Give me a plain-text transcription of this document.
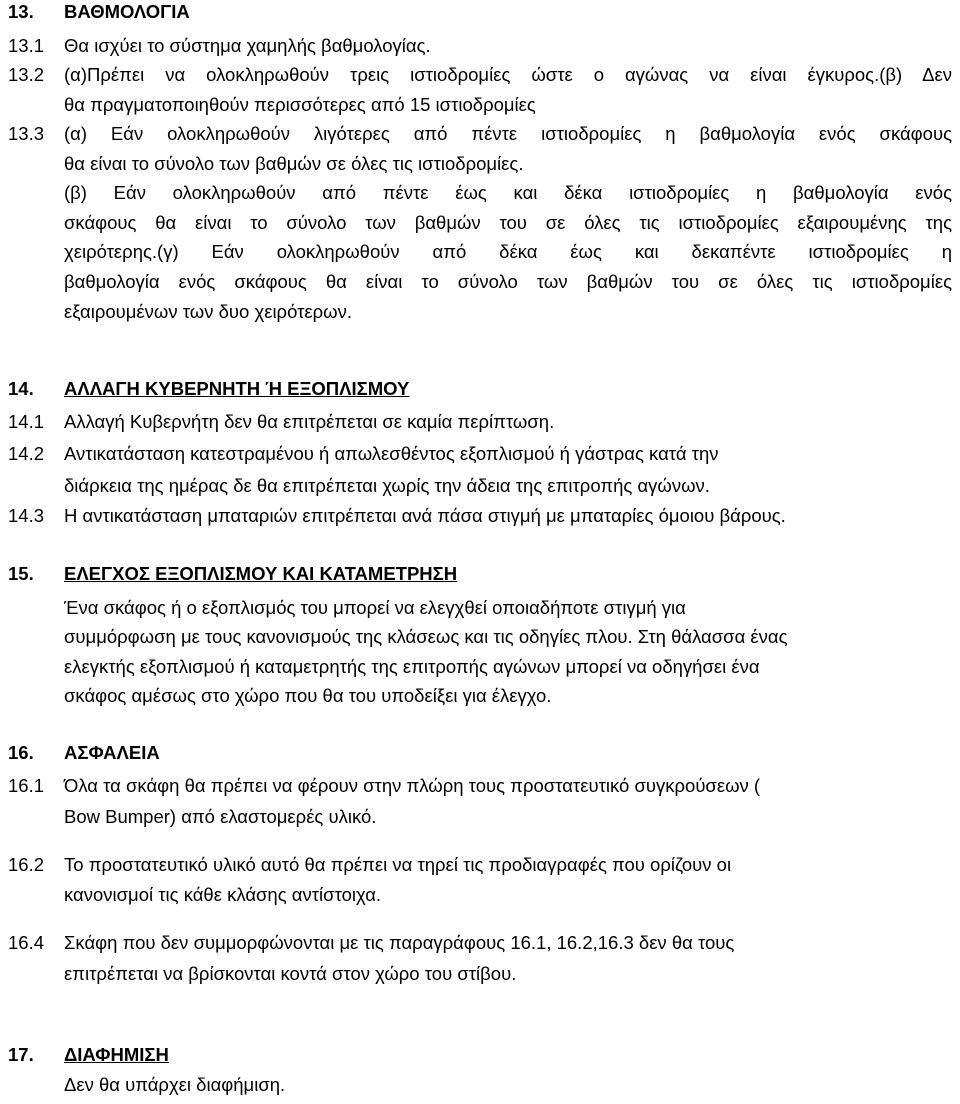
13. ΒΑΘΜΟΛΟΓΙΑ
13.1 Θα ισχύει το σύστημα χαμηλής βαθμολογίας.
13.2 (α)Πρέπει να ολοκληρωθούν τρεις ιστιοδρομίες ώστε ο αγώνας να είναι έγκυρος.(β) Δεν
θα πραγματοποιηθούν περισσότερες από 15 ιστιοδρομίες
13.3 (α) Εάν ολοκληρωθούν λιγότερες από πέντε ιστιοδρομίες η βαθμολογία ενός σκάφους
θα είναι το σύνολο των βαθμών σε όλες τις ιστιοδρομίες.
(β) Εάν ολοκληρωθούν από πέντε έως και δέκα ιστιοδρομίες η βαθμολογία ενός
σκάφους θα είναι το σύνολο των βαθμών του σε όλες τις ιστιοδρομίες εξαιρουμένης της
χειρότερης.(γ) Εάν ολοκληρωθούν από δέκα έως και δεκαπέντε ιστιοδρομίες η
βαθμολογία ενός σκάφους θα είναι το σύνολο των βαθμών του σε όλες τις ιστιοδρομίες
εξαιρουμένων των δυο χειρότερων.
14. ΑΛΛΑΓΗ ΚΥΒΕΡΝΗΤΗ Ή ΕΞΟΠΛΙΣΜΟΥ
14.1 Αλλαγή Κυβερνήτη δεν θα επιτρέπεται σε καμία περίπτωση.
14.2 Αντικατάσταση κατεστραμένου ή απωλεσθέντος εξοπλισμού ή γάστρας κατά την
διάρκεια της ημέρας δε θα επιτρέπεται χωρίς την άδεια της επιτροπής αγώνων.
14.3 Η αντικατάσταση μπαταριών επιτρέπεται ανά πάσα στιγμή με μπαταρίες όμοιου βάρους.
15. ΕΛΕΓΧΟΣ ΕΞΟΠΛΙΣΜΟΥ ΚΑΙ ΚΑΤΑΜΕΤΡΗΣΗ
Ένα σκάφος ή ο εξοπλισμός του μπορεί να ελεγχθεί οποιαδήποτε στιγμή για
συμμόρφωση με τους κανονισμούς της κλάσεως και τις οδηγίες πλου. Στη θάλασσα ένας
ελεγκτής εξοπλισμού ή καταμετρητής της επιτροπής αγώνων μπορεί να οδηγήσει ένα
σκάφος αμέσως στο χώρο που θα του υποδείξει για έλεγχο.
16. ΑΣΦΑΛΕΙΑ
16.1 Όλα τα σκάφη θα πρέπει να φέρουν στην πλώρη τους προστατευτικό συγκρούσεων (
Bow Bumper) από ελαστομερές υλικό.
16.2 Το προστατευτικό υλικό αυτό θα πρέπει να τηρεί τις προδιαγραφές που ορίζουν οι
κανονισμοί τις κάθε κλάσης αντίστοιχα.
16.4 Σκάφη που δεν συμμορφώνονται με τις παραγράφους 16.1, 16.2,16.3 δεν θα τους
επιτρέπεται να βρίσκονται κοντά στον χώρο του στίβου.
17. ΔΙΑΦΗΜΙΣΗ
Δεν θα υπάρχει διαφήμιση.
